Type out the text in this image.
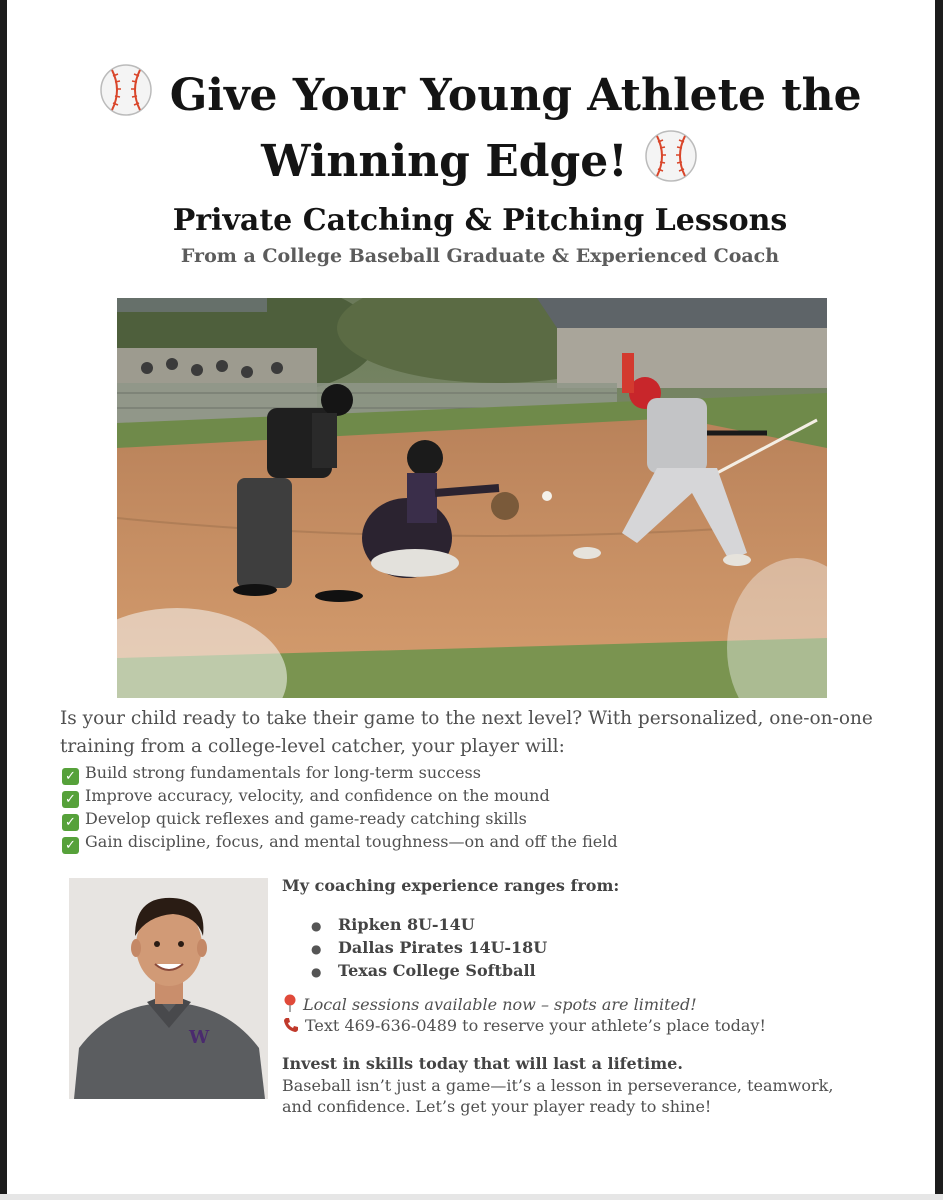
Give Your Young Athlete the
Winning Edge!
Private Catching & Pitching Lessons

From a College Baseball Graduate & Experienced Coach

Is your child ready to take their game to the next level? With personalized, one-on-one training from a college-level catcher, your player will:

✓ Build strong fundamentals for long-term success
✓ Improve accuracy, velocity, and confidence on the mound
✓ Develop quick reflexes and game-ready catching skills
✓ Gain discipline, focus, and mental toughness—on and off the field
W

My coaching experience ranges from:

● Ripken 8U-14U
● Dallas Pirates 14U-18U
● Texas College Softball

Local sessions available now – spots are limited!

Text 469-636-0489 to reserve your athlete’s place today!

Invest in skills today that will last a lifetime.

Baseball isn’t just a game—it’s a lesson in perseverance, teamwork, and confidence. Let’s get your player ready to shine!
